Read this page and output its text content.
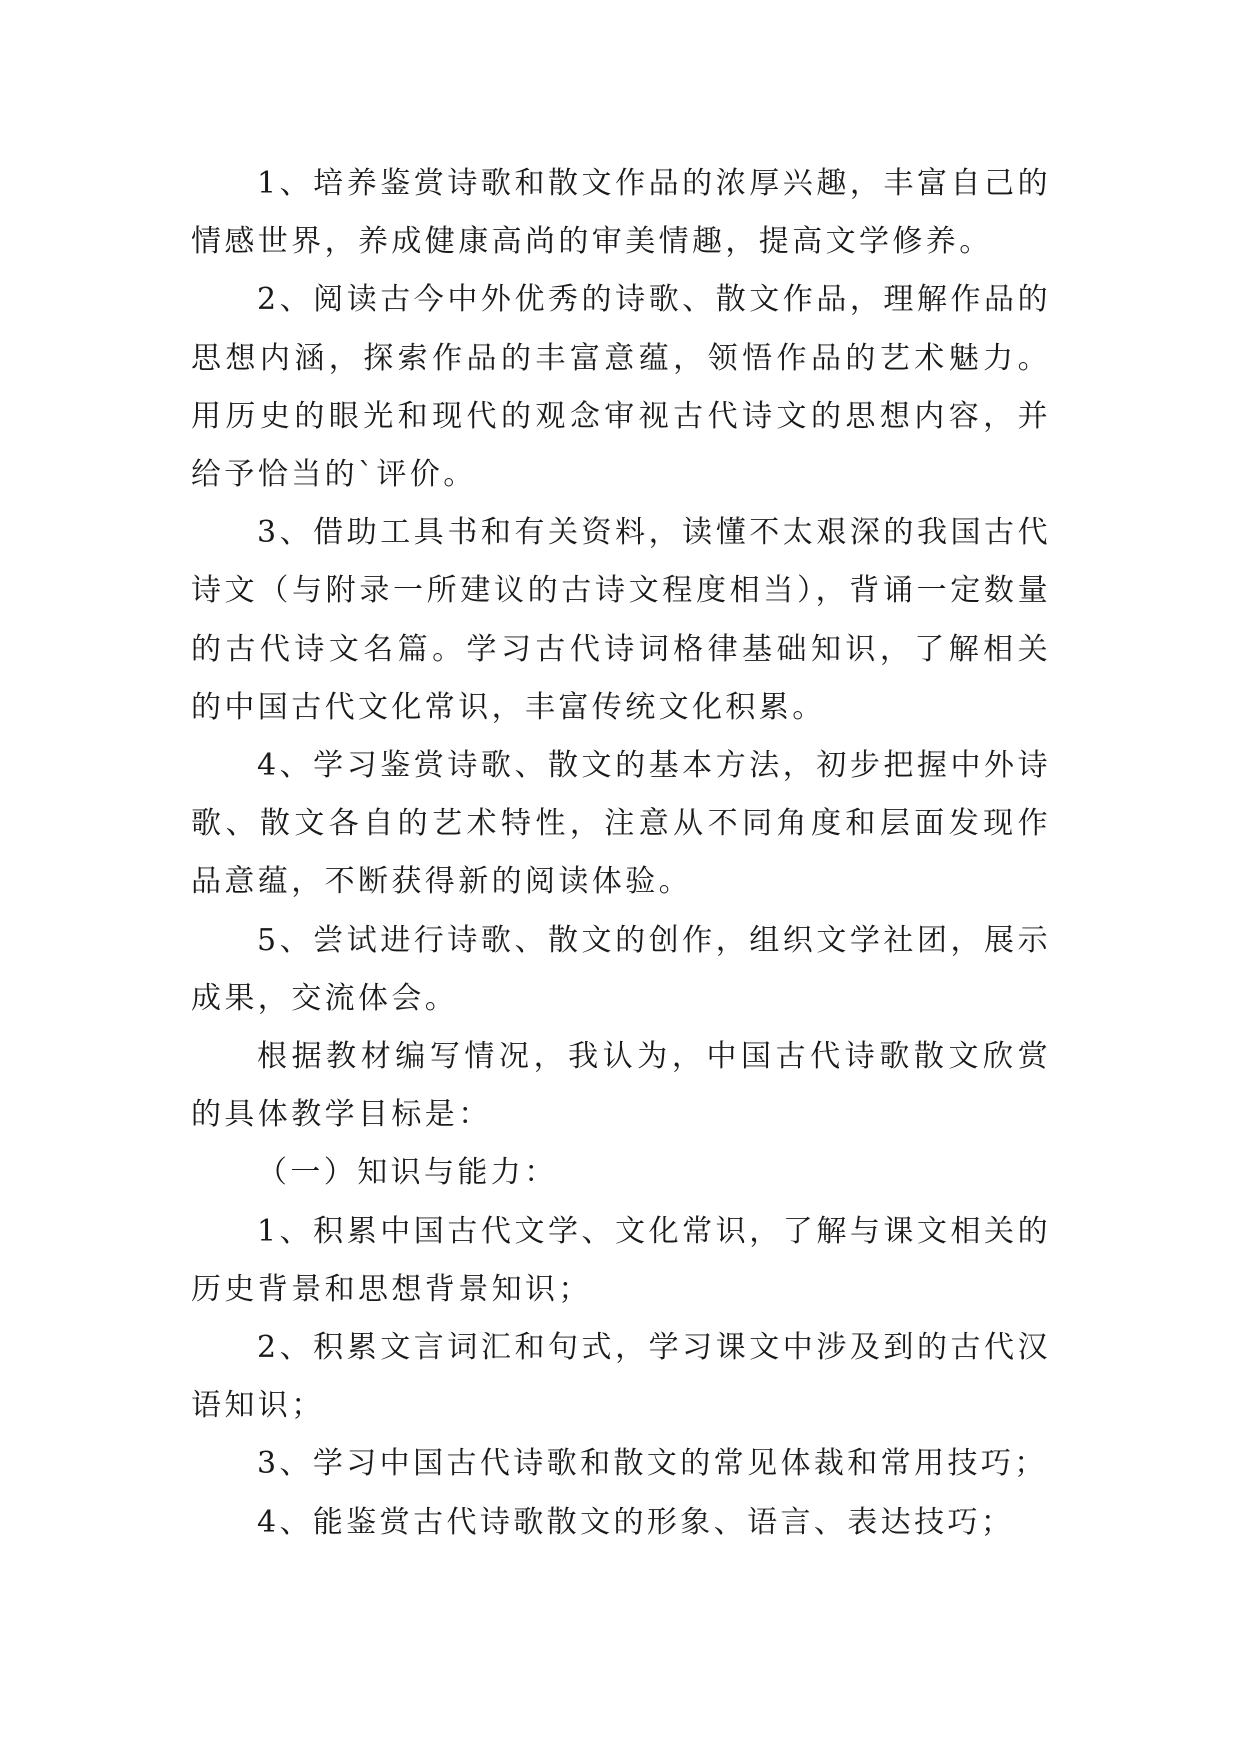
1、培养鉴赏诗歌和散文作品的浓厚兴趣，丰富自己的情感世界，养成健康高尚的审美情趣，提高文学修养。

2、阅读古今中外优秀的诗歌、散文作品，理解作品的思想内涵，探索作品的丰富意蕴，领悟作品的艺术魅力。用历史的眼光和现代的观念审视古代诗文的思想内容，并给予恰当的`评价。

3、借助工具书和有关资料，读懂不太艰深的我国古代诗文（与附录一所建议的古诗文程度相当），背诵一定数量的古代诗文名篇。学习古代诗词格律基础知识，了解相关的中国古代文化常识，丰富传统文化积累。

4、学习鉴赏诗歌、散文的基本方法，初步把握中外诗歌、散文各自的艺术特性，注意从不同角度和层面发现作品意蕴，不断获得新的阅读体验。

5、尝试进行诗歌、散文的创作，组织文学社团，展示成果，交流体会。

根据教材编写情况，我认为，中国古代诗歌散文欣赏的具体教学目标是：

（一）知识与能力：

1、积累中国古代文学、文化常识，了解与课文相关的历史背景和思想背景知识；

2、积累文言词汇和句式，学习课文中涉及到的古代汉语知识；

3、学习中国古代诗歌和散文的常见体裁和常用技巧；

4、能鉴赏古代诗歌散文的形象、语言、表达技巧；
